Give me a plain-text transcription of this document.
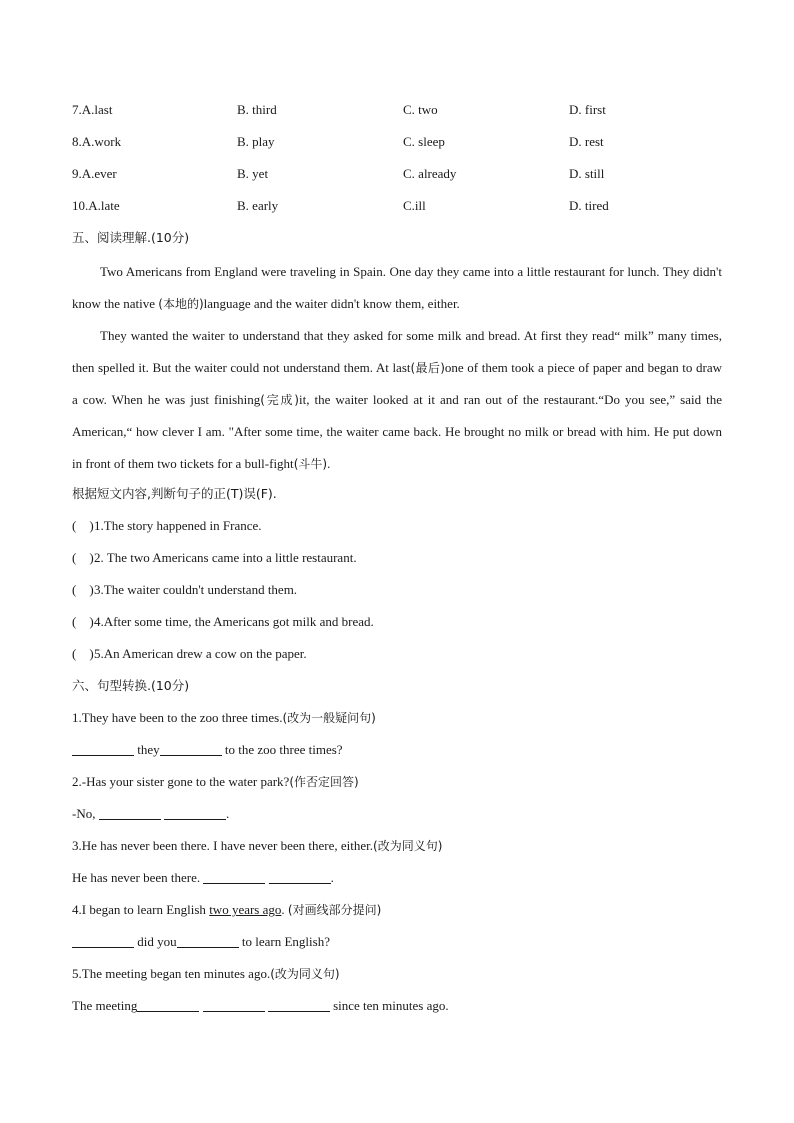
7.A.last	B. third	C. two	D. first
8.A.work	B. play	C. sleep	D. rest
9.A.ever	B. yet	C. already	D. still
10.A.late	B. early	C.ill	D. tired
五、阅读理解.(10分)

Two Americans from England were traveling in Spain. One day they came into a little restaurant for lunch. They didn't know the native (本地的)language and the waiter didn't know them, either.

They wanted the waiter to understand that they asked for some milk and bread. At first they read“ milk” many times, then spelled it. But the waiter could not understand them. At last(最后)one of them took a piece of paper and began to draw a cow. When he was just finishing(完成)it, the waiter looked at it and ran out of the restaurant.“Do you see,” said the American,“ how clever I am. "After some time, the waiter came back. He brought no milk or bread with him. He put down in front of them two tickets for a bull-fight(斗牛).

根据短文内容,判断句子的正(T)误(F).
(    )1.The story happened in France.
(    )2. The two Americans came into a little restaurant.
(    )3.The waiter couldn't understand them.
(    )4.After some time, the Americans got milk and bread.
(    )5.An American drew a cow on the paper.
六、句型转换.(10分)
1.They have been to the zoo three times.(改为一般疑问句)
they	to the zoo three times?
2.-Has your sister gone to the water park?(作否定回答)
-No,	.
3.He has never been there. I have never been there, either.(改为同义句)
He has never been there.	.
4.I began to learn English two years ago. (对画线部分提问)
did you	to learn English?
5.The meeting began ten minutes ago.(改为同义句)
The meeting	since ten minutes ago.
